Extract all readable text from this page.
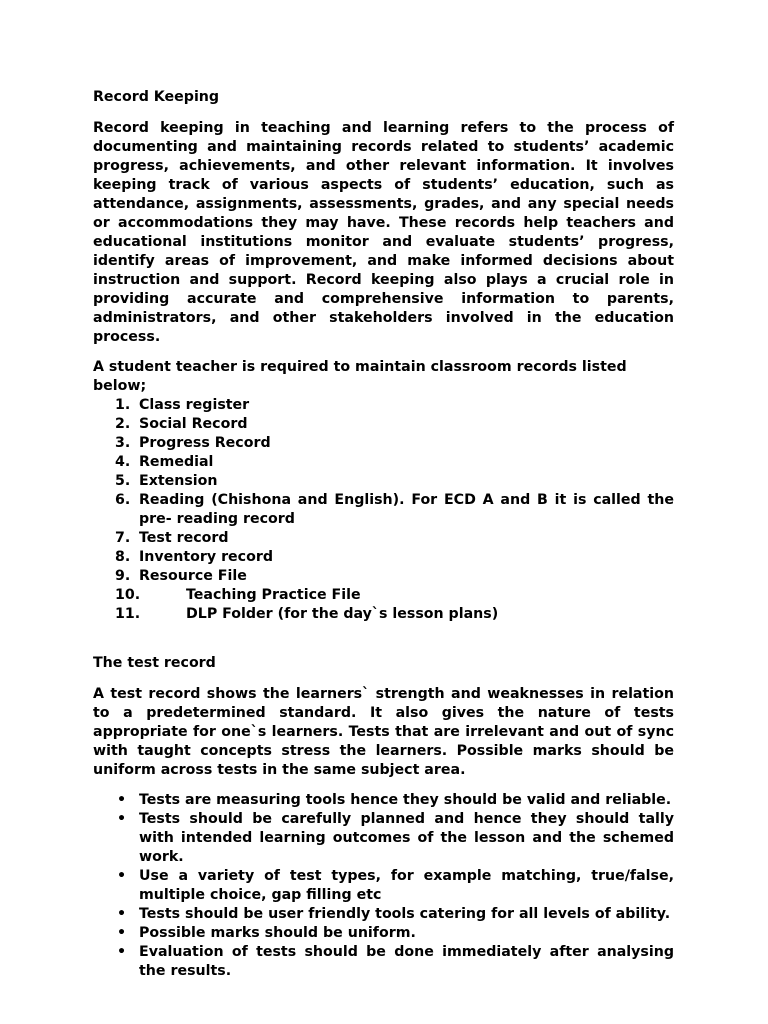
Record Keeping

Record keeping in teaching and learning refers to the process of documenting and maintaining records related to students’ academic progress, achievements, and other relevant information. It involves keeping track of various aspects of students’ education, such as attendance, assignments, assessments, grades, and any special needs or accommodations they may have. These records help teachers and educational institutions monitor and evaluate students’ progress, identify areas of improvement, and make informed decisions about instruction and support. Record keeping also plays a crucial role in providing accurate and comprehensive information to parents, administrators, and other stakeholders involved in the education process.

A student teacher is required to maintain classroom records listed below;

1. Class register
2. Social Record
3. Progress Record
4. Remedial
5. Extension
6. Reading (Chishona and English). For ECD A and B it is called the pre- reading record
7. Test record
8. Inventory record
9. Resource File
10.	Teaching Practice File
11.	DLP Folder (for the day`s lesson plans)
The test record

A test record shows the learners` strength and weaknesses in relation to a predetermined standard. It also gives the nature of tests appropriate for one`s learners. Tests that are irrelevant and out of sync with taught concepts stress the learners. Possible marks should be uniform across tests in the same subject area.

• Tests are measuring tools hence they should be valid and reliable.
• Tests should be carefully planned and hence they should tally with intended learning outcomes of the lesson and the schemed work.
• Use a variety of test types, for example matching, true/false, multiple choice, gap filling etc
• Tests should be user friendly tools catering for all levels of ability.
• Possible marks should be uniform.
• Evaluation of tests should be done immediately after analysing the results.
